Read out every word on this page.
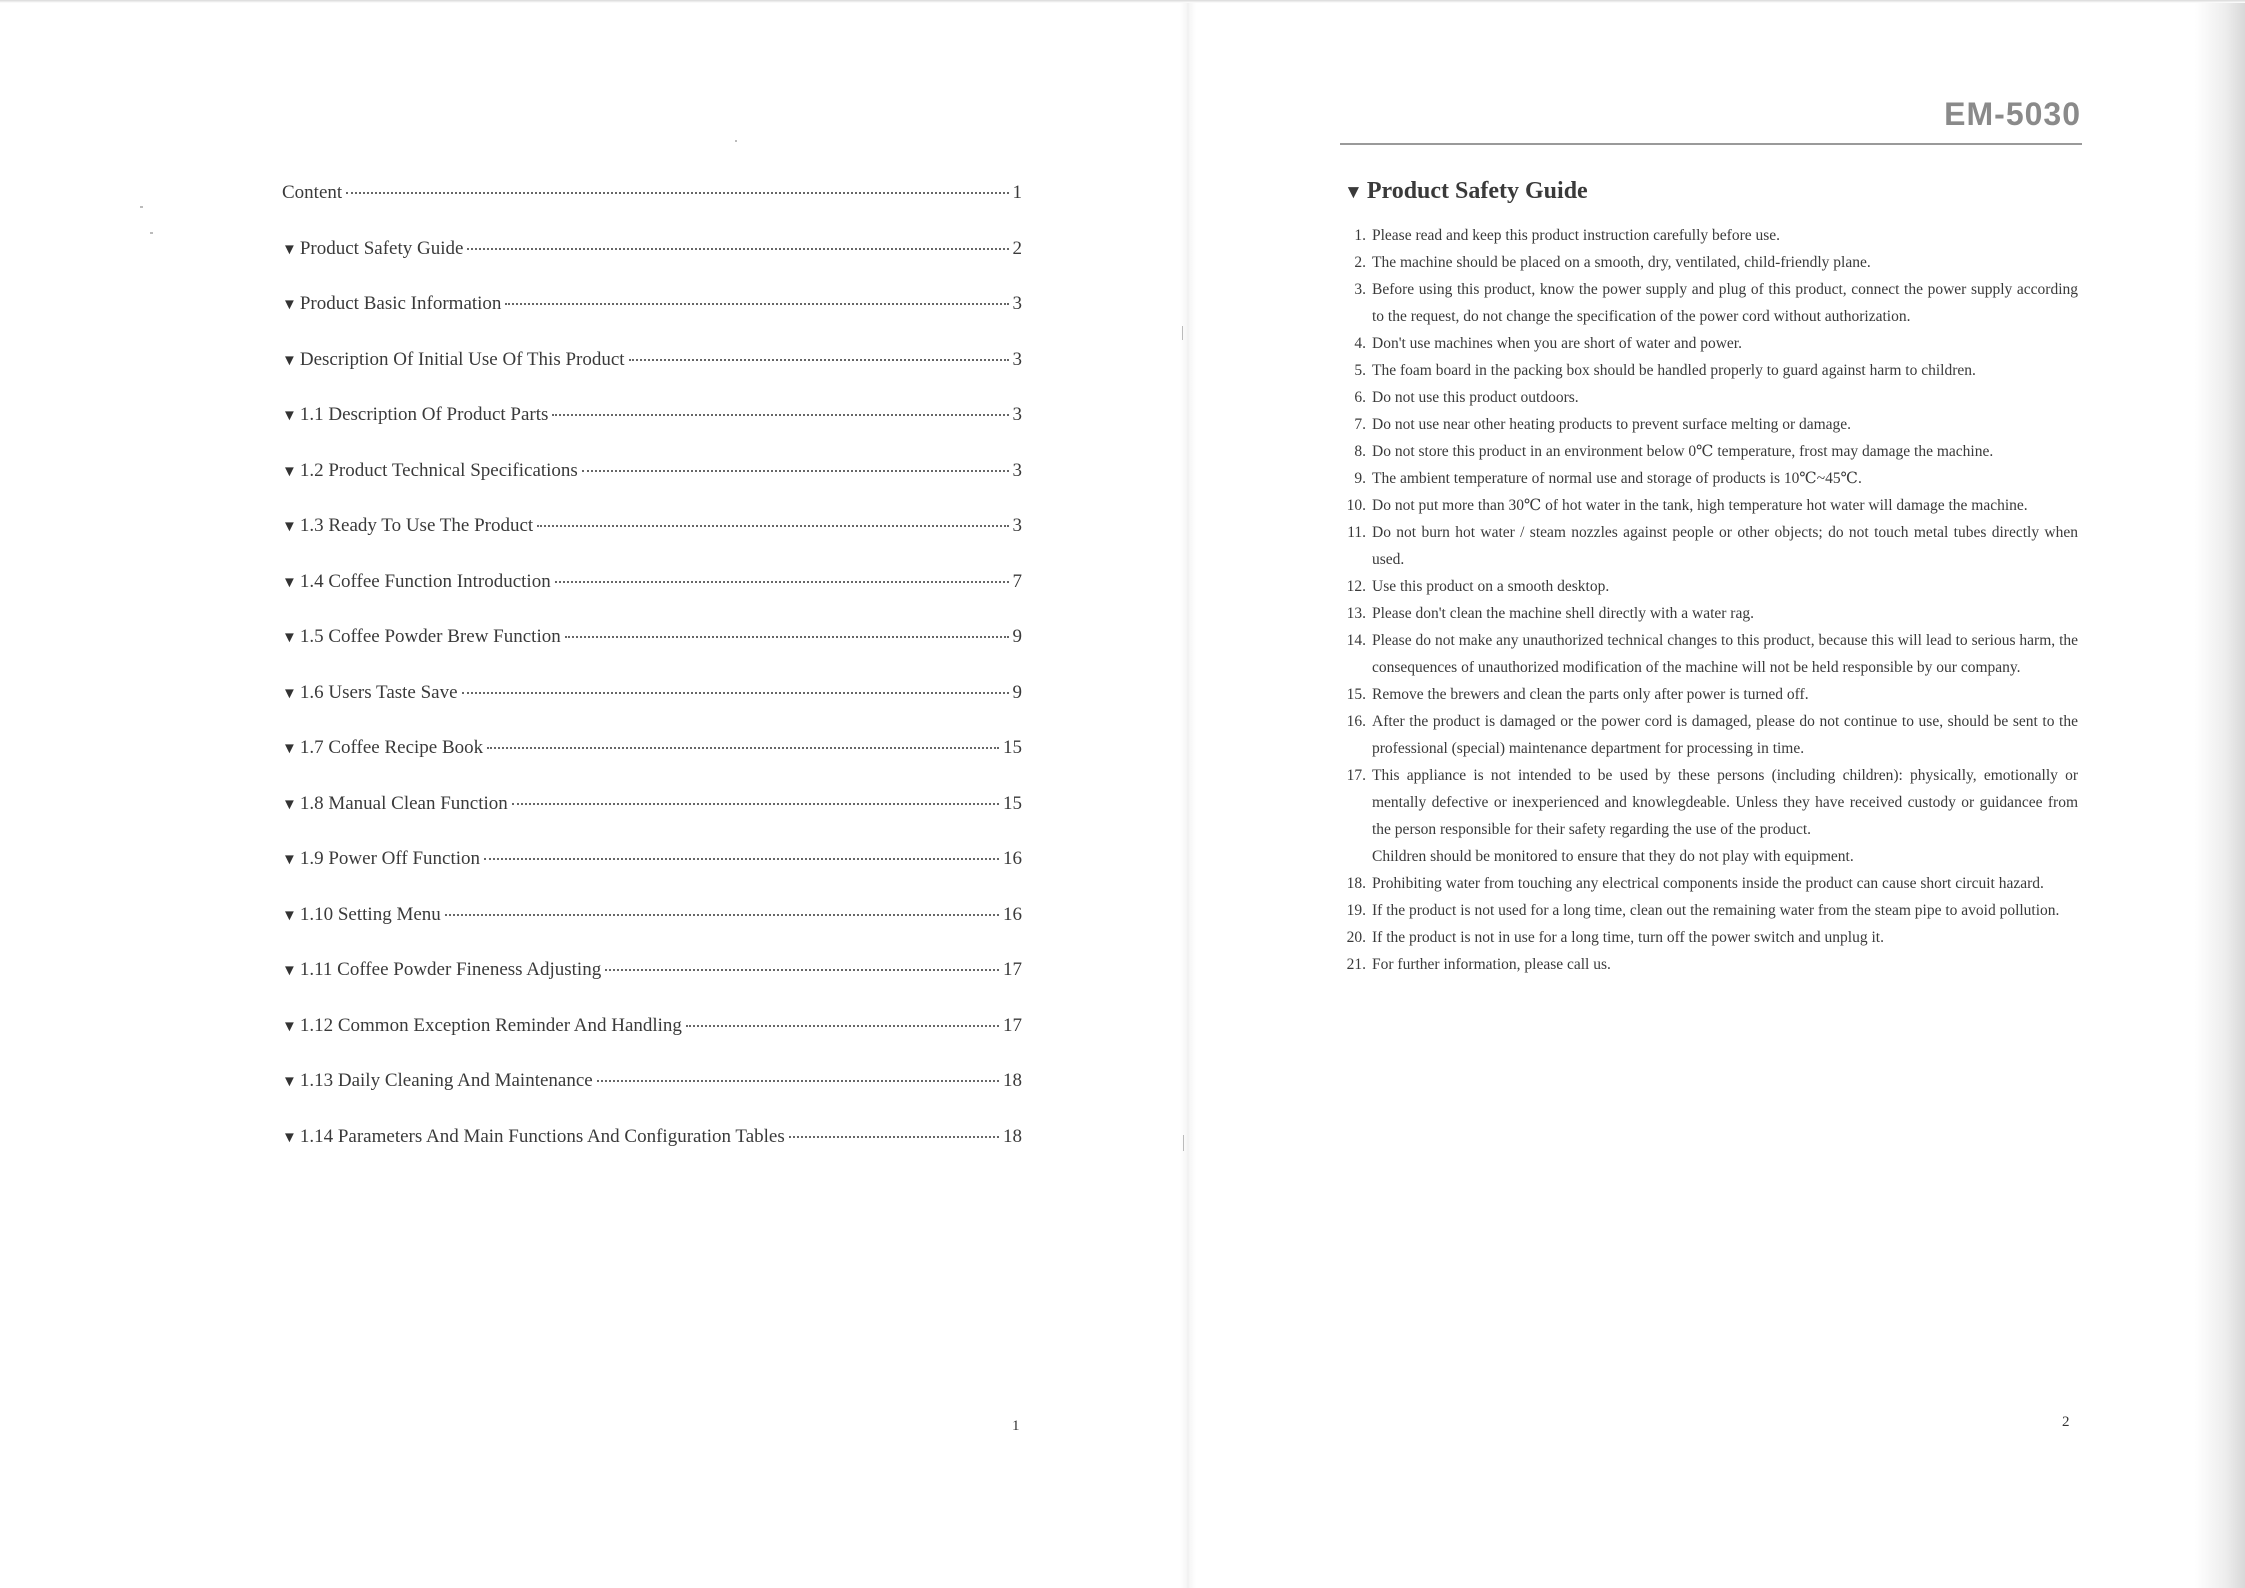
Content	1
▼ Product Safety Guide	2
▼ Product Basic Information	3
▼ Description Of Initial Use Of This Product	3
▼ 1.1 Description Of Product Parts	3
▼ 1.2 Product Technical Specifications	3
▼ 1.3 Ready To Use The Product	3
▼ 1.4 Coffee Function Introduction	7
▼ 1.5 Coffee Powder Brew Function	9
▼ 1.6 Users Taste Save	9
▼ 1.7 Coffee Recipe Book	15
▼ 1.8 Manual Clean Function	15
▼ 1.9 Power Off Function	16
▼ 1.10 Setting Menu	16
▼ 1.11 Coffee Powder Fineness Adjusting	17
▼ 1.12 Common Exception Reminder And Handling	17
▼ 1.13 Daily Cleaning And Maintenance	18
▼ 1.14 Parameters And Main Functions And Configuration Tables	18
1
EM-5030
▼ Product Safety Guide
1. Please read and keep this product instruction carefully before use.
2. The machine should be placed on a smooth, dry, ventilated, child-friendly plane.
3. Before using this product, know the power supply and plug of this product, connect the power supply according to the request, do not change the specification of the power cord without authorization.
4. Don't use machines when you are short of water and power.
5. The foam board in the packing box should be handled properly to guard against harm to children.
6. Do not use this product outdoors.
7. Do not use near other heating products to prevent surface melting or damage.
8. Do not store this product in an environment below 0℃ temperature, frost may damage the machine.
9. The ambient temperature of normal use and storage of products is 10℃~45℃.
10. Do not put more than 30℃ of hot water in the tank, high temperature hot water will damage the machine.
11. Do not burn hot water / steam nozzles against people or other objects; do not touch metal tubes directly when used.
12. Use this product on a smooth desktop.
13. Please don't clean the machine shell directly with a water rag.
14. Please do not make any unauthorized technical changes to this product, because this will lead to serious harm, the consequences of unauthorized modification of the machine will not be held responsible by our company.
15. Remove the brewers and clean the parts only after power is turned off.
16. After the product is damaged or the power cord is damaged, please do not continue to use, should be sent to the professional (special) maintenance department for processing in time.
17. This appliance is not intended to be used by these persons (including children): physically, emotionally or mentally defective or inexperienced and knowlegdeable. Unless they have received custody or guidancee from the person responsible for their safety regarding the use of the product.
Children should be monitored to ensure that they do not play with equipment.
18. Prohibiting water from touching any electrical components inside the product can cause short circuit hazard.
19. If the product is not used for a long time, clean out the remaining water from the steam pipe to avoid pollution.
20. If the product is not in use for a long time, turn off the power switch and unplug it.
21. For further information, please call us.
2
